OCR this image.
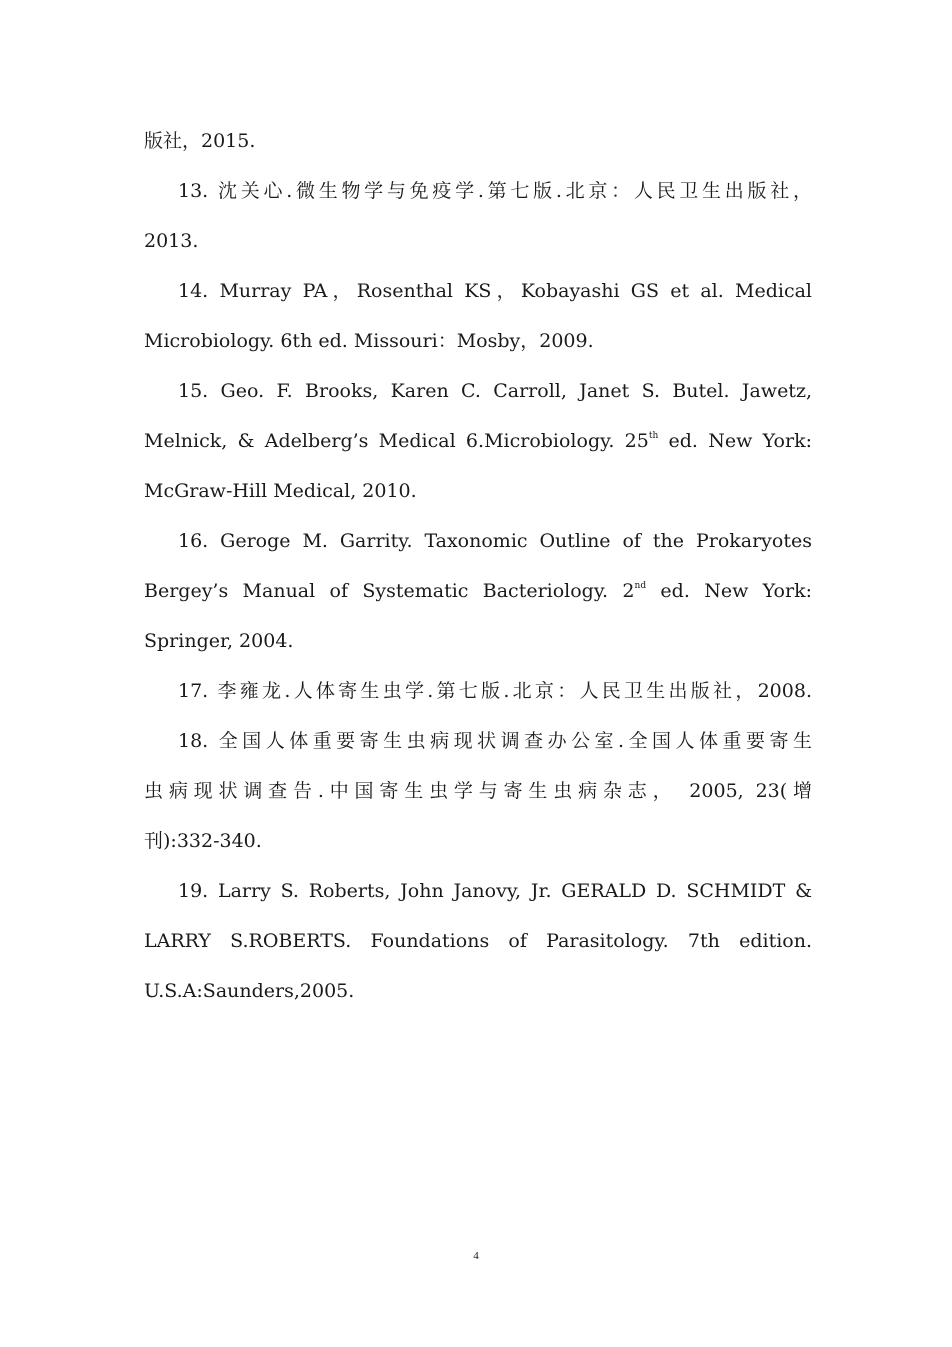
版社，2015.
13. 沈关心.微生物学与免疫学.第七版.北京：人民卫生出版社，
2013.
14. Murray PA，Rosenthal KS，Kobayashi GS et al. Medical
Microbiology. 6th ed. Missouri：Mosby，2009.
15. Geo. F. Brooks, Karen C. Carroll, Janet S. Butel. Jawetz,
Melnick, & Adelberg’s Medical 6.Microbiology. 25th ed. New York:
McGraw-Hill Medical, 2010.
16. Geroge M. Garrity. Taxonomic Outline of the Prokaryotes
Bergey’s Manual of Systematic Bacteriology. 2nd ed. New York:
Springer, 2004.
17. 李雍龙.人体寄生虫学.第七版.北京：人民卫生出版社，2008.
18. 全国人体重要寄生虫病现状调查办公室.全国人体重要寄生
虫病现状调查告.中国寄生虫学与寄生虫病杂志， 2005, 23(增
刊):332-340.
19. Larry S. Roberts, John Janovy, Jr. GERALD D. SCHMIDT &
LARRY S.ROBERTS. Foundations of Parasitology. 7th edition.
U.S.A:Saunders,2005.
4
